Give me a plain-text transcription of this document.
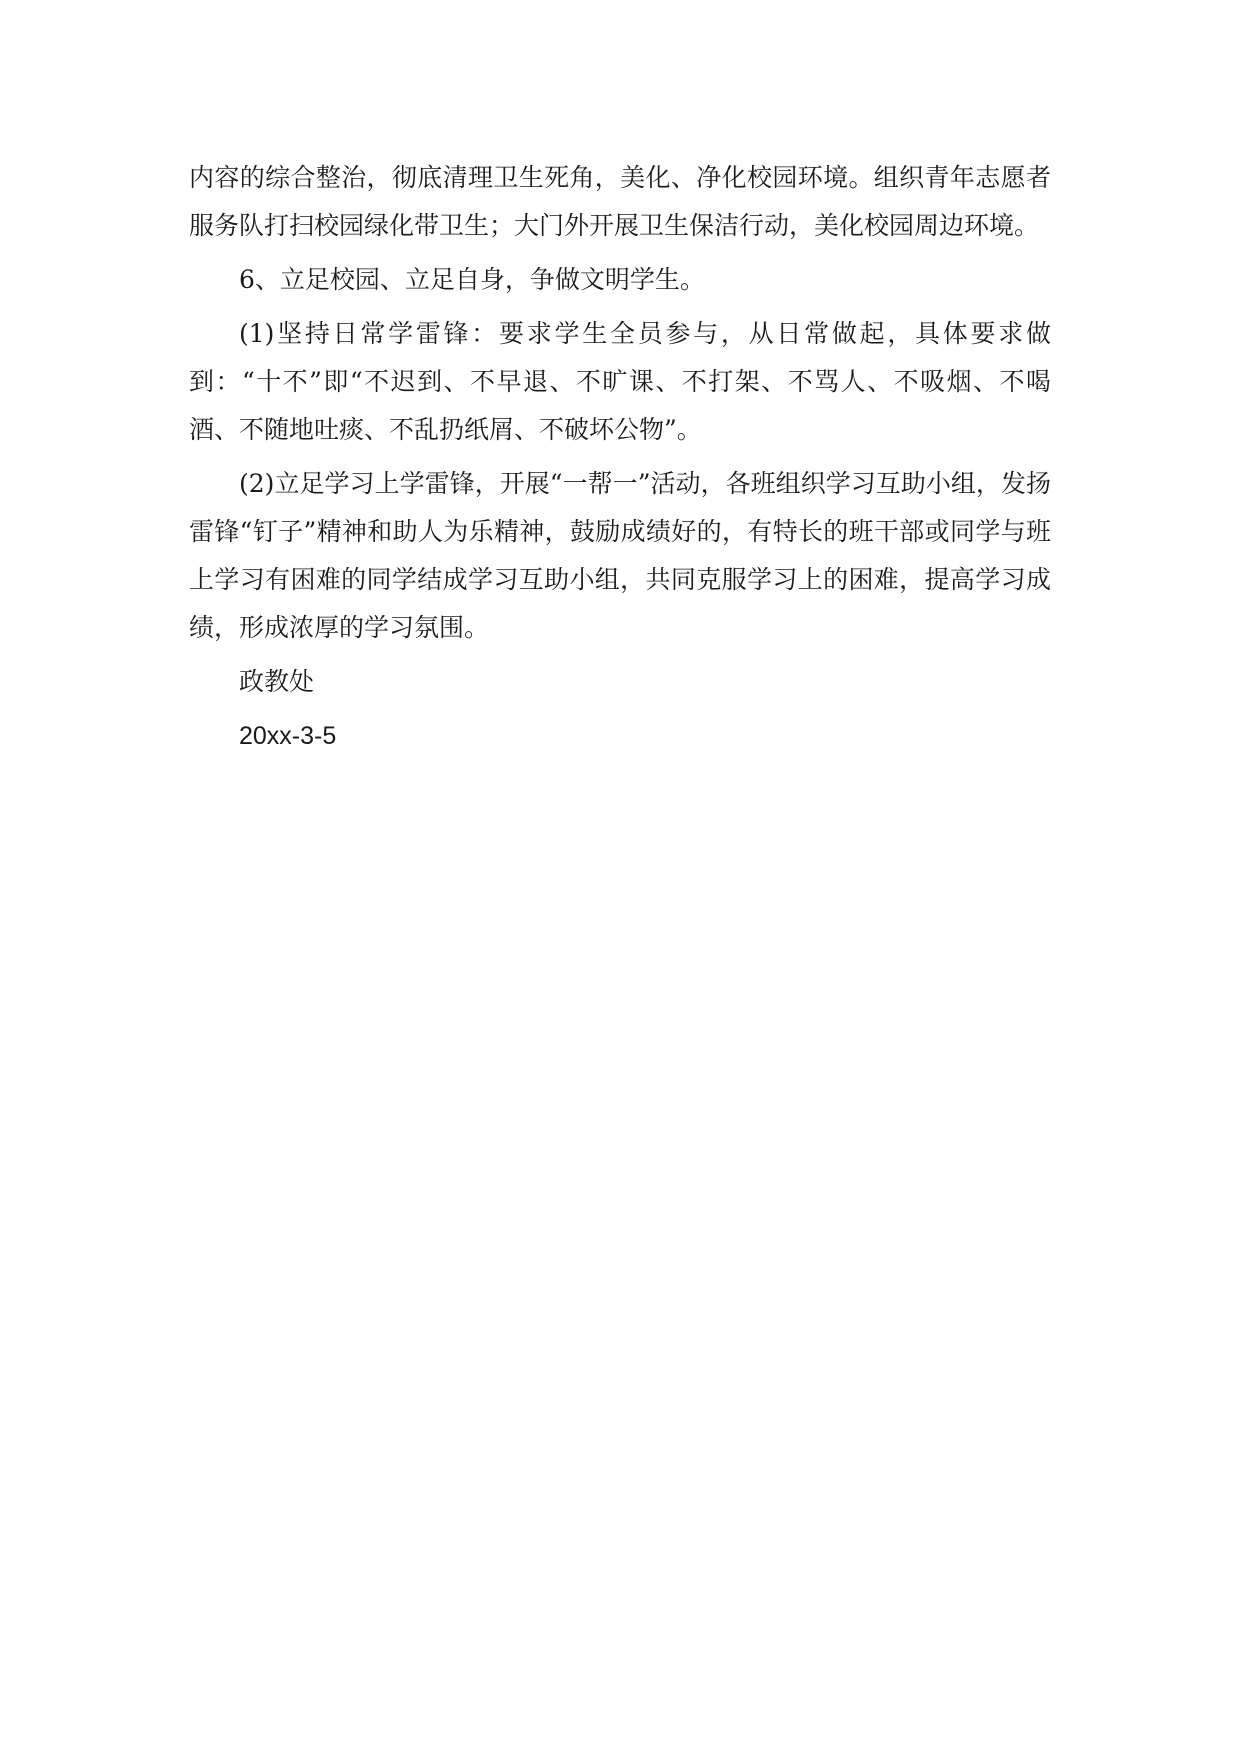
内容的综合整治，彻底清理卫生死角，美化、净化校园环境。组织青年志愿者服务队打扫校园绿化带卫生；大门外开展卫生保洁行动，美化校园周边环境。

6、立足校园、立足自身，争做文明学生。

(1)坚持日常学雷锋：要求学生全员参与，从日常做起，具体要求做到：“十不”即“不迟到、不早退、不旷课、不打架、不骂人、不吸烟、不喝酒、不随地吐痰、不乱扔纸屑、不破坏公物”。

(2)立足学习上学雷锋，开展“一帮一”活动，各班组织学习互助小组，发扬雷锋“钉子”精神和助人为乐精神，鼓励成绩好的，有特长的班干部或同学与班上学习有困难的同学结成学习互助小组，共同克服学习上的困难，提高学习成绩，形成浓厚的学习氛围。

政教处

20xx-3-5
